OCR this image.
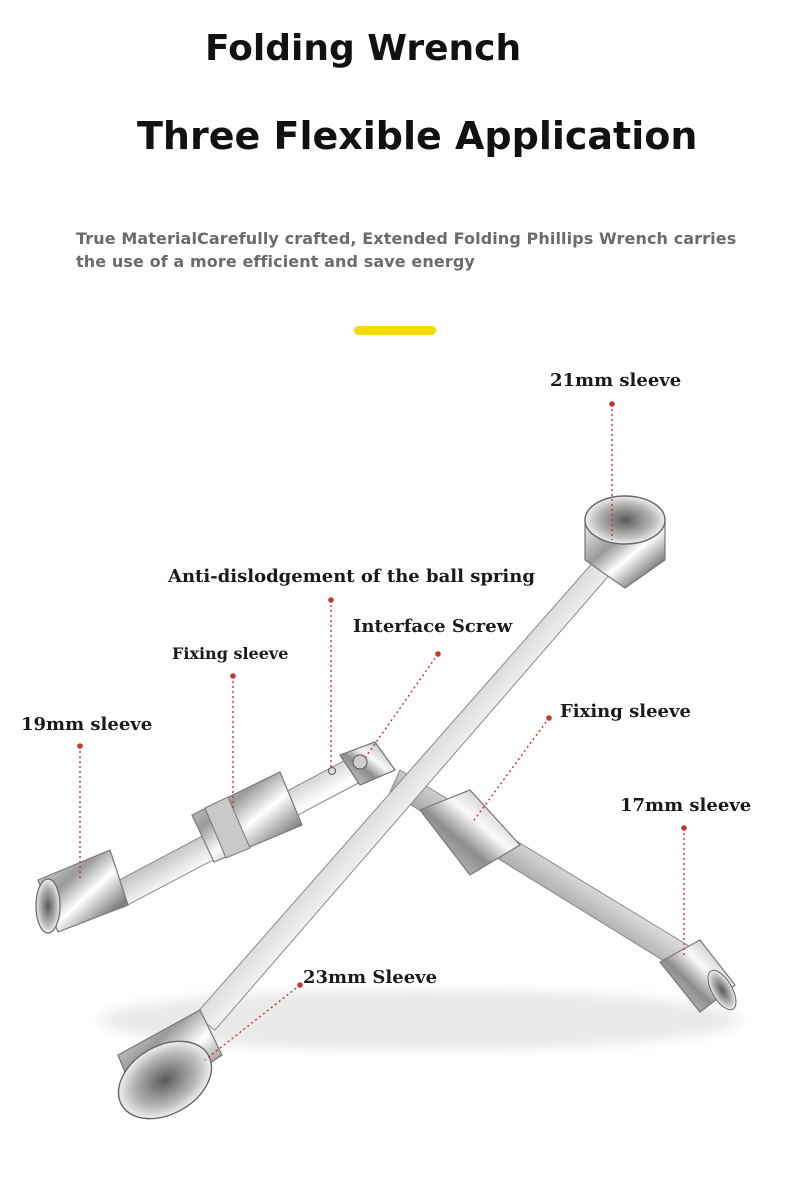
Folding Wrench
Three Flexible Application

True MaterialCarefully crafted, Extended Folding Phillips Wrench carries the use of a more efficient and save energy

21mm sleeve
Anti-dislodgement of the ball spring
Interface Screw
Fixing sleeve
19mm sleeve
Fixing sleeve
17mm sleeve
23mm Sleeve
